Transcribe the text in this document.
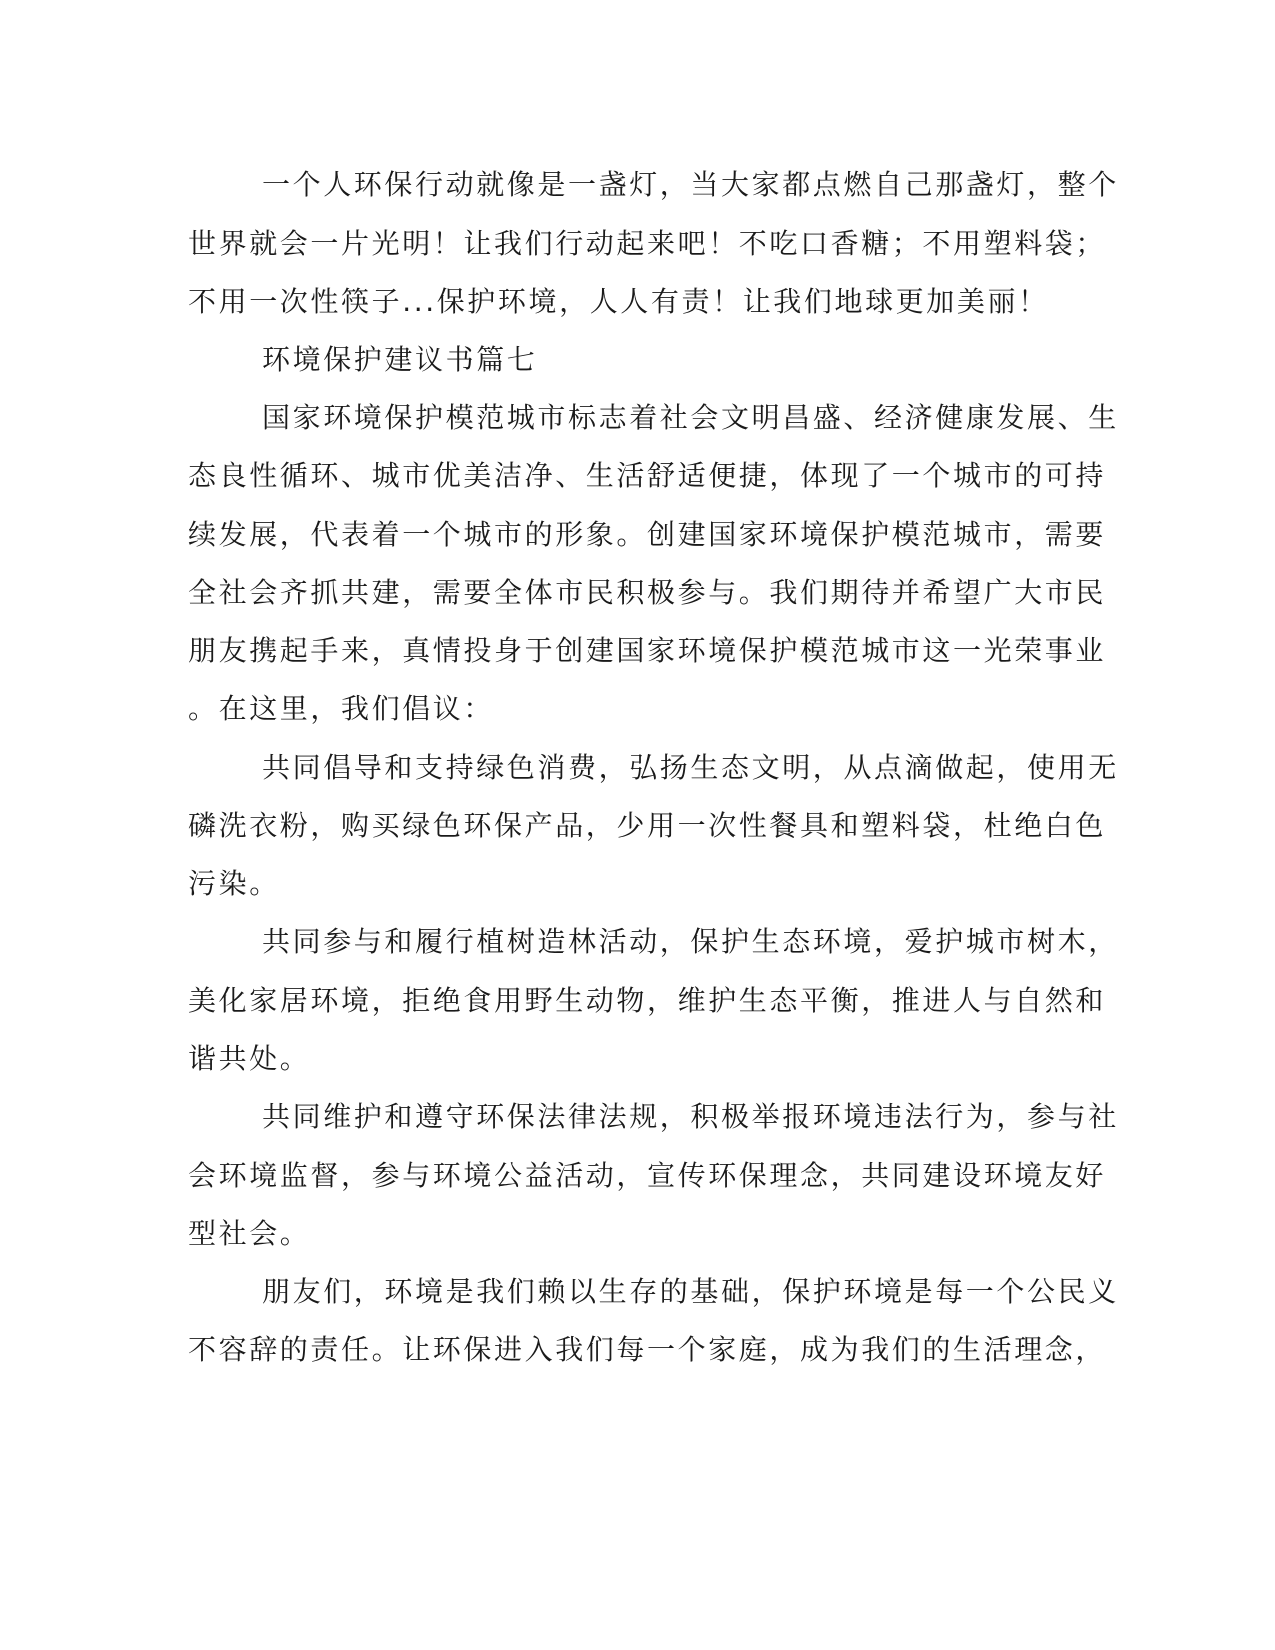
一个人环保行动就像是一盏灯，当大家都点燃自己那盏灯，整个

世界就会一片光明！让我们行动起来吧！不吃口香糖；不用塑料袋；

不用一次性筷子...保护环境，人人有责！让我们地球更加美丽！

环境保护建议书篇七

国家环境保护模范城市标志着社会文明昌盛、经济健康发展、生

态良性循环、城市优美洁净、生活舒适便捷，体现了一个城市的可持

续发展，代表着一个城市的形象。创建国家环境保护模范城市，需要

全社会齐抓共建，需要全体市民积极参与。我们期待并希望广大市民

朋友携起手来，真情投身于创建国家环境保护模范城市这一光荣事业

。在这里，我们倡议：

共同倡导和支持绿色消费，弘扬生态文明，从点滴做起，使用无

磷洗衣粉，购买绿色环保产品，少用一次性餐具和塑料袋，杜绝白色

污染。

共同参与和履行植树造林活动，保护生态环境，爱护城市树木，

美化家居环境，拒绝食用野生动物，维护生态平衡，推进人与自然和

谐共处。

共同维护和遵守环保法律法规，积极举报环境违法行为，参与社

会环境监督，参与环境公益活动，宣传环保理念，共同建设环境友好

型社会。

朋友们，环境是我们赖以生存的基础，保护环境是每一个公民义

不容辞的责任。让环保进入我们每一个家庭，成为我们的生活理念，
